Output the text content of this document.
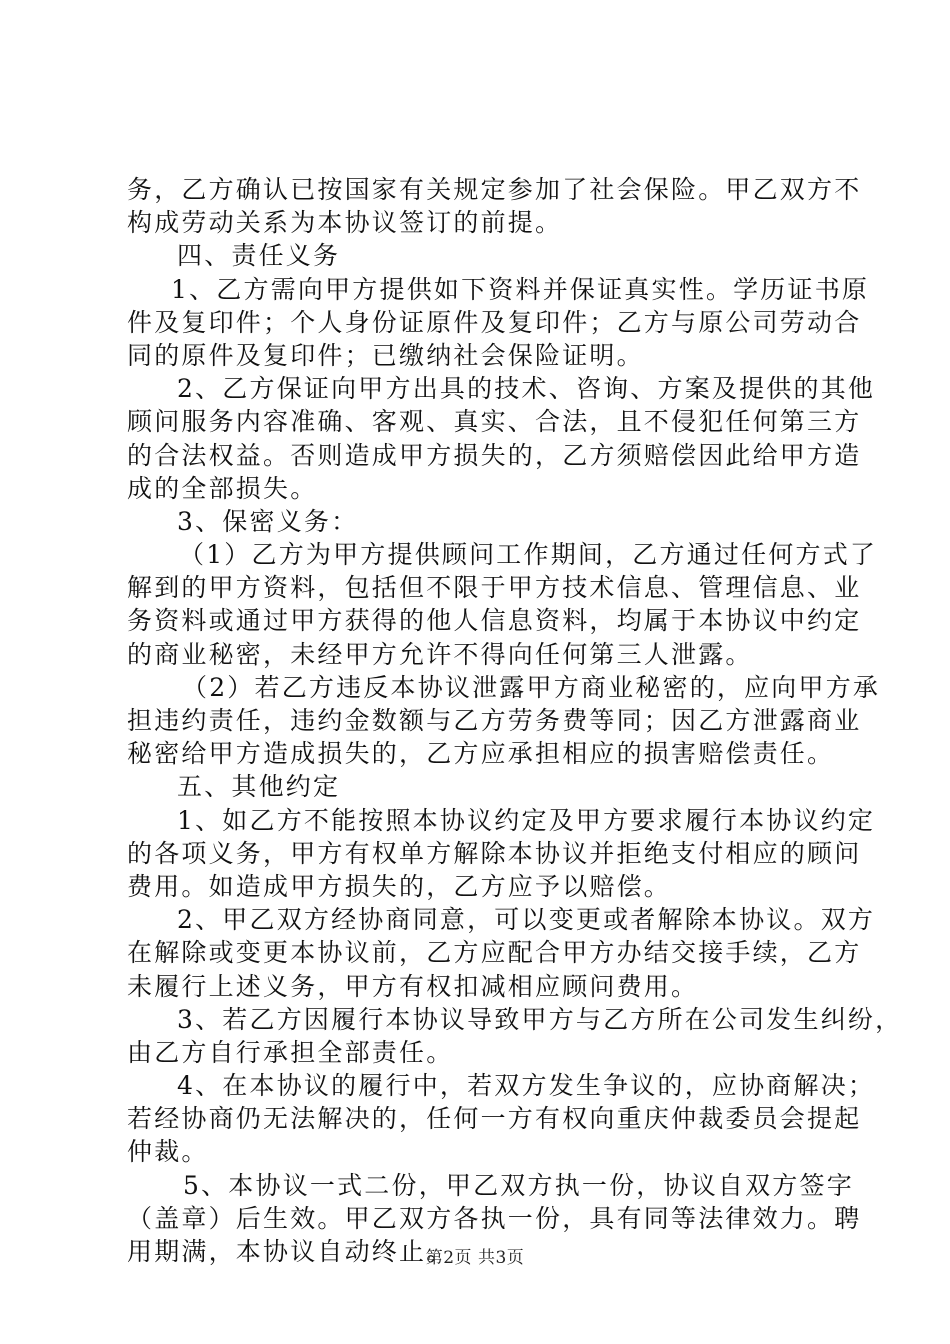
务，乙方确认已按国家有关规定参加了社会保险。甲乙双方不
构成劳动关系为本协议签订的前提。
四、责任义务
1、乙方需向甲方提供如下资料并保证真实性。学历证书原
件及复印件；个人身份证原件及复印件；乙方与原公司劳动合
同的原件及复印件；已缴纳社会保险证明。
2、乙方保证向甲方出具的技术、咨询、方案及提供的其他
顾问服务内容准确、客观、真实、合法，且不侵犯任何第三方
的合法权益。否则造成甲方损失的，乙方须赔偿因此给甲方造
成的全部损失。
3、保密义务：
（1）乙方为甲方提供顾问工作期间，乙方通过任何方式了
解到的甲方资料，包括但不限于甲方技术信息、管理信息、业
务资料或通过甲方获得的他人信息资料，均属于本协议中约定
的商业秘密，未经甲方允许不得向任何第三人泄露。
（2）若乙方违反本协议泄露甲方商业秘密的，应向甲方承
担违约责任，违约金数额与乙方劳务费等同；因乙方泄露商业
秘密给甲方造成损失的，乙方应承担相应的损害赔偿责任。
五、其他约定
1、如乙方不能按照本协议约定及甲方要求履行本协议约定
的各项义务，甲方有权单方解除本协议并拒绝支付相应的顾问
费用。如造成甲方损失的，乙方应予以赔偿。
2、甲乙双方经协商同意，可以变更或者解除本协议。双方
在解除或变更本协议前，乙方应配合甲方办结交接手续，乙方
未履行上述义务，甲方有权扣减相应顾问费用。
3、若乙方因履行本协议导致甲方与乙方所在公司发生纠纷，
由乙方自行承担全部责任。
4、在本协议的履行中，若双方发生争议的，应协商解决；
若经协商仍无法解决的，任何一方有权向重庆仲裁委员会提起
仲裁。
5、本协议一式二份，甲乙双方执一份，协议自双方签字
（盖章）后生效。甲乙双方各执一份，具有同等法律效力。聘
用期满，本协议自动终止。
第2页 共3页
